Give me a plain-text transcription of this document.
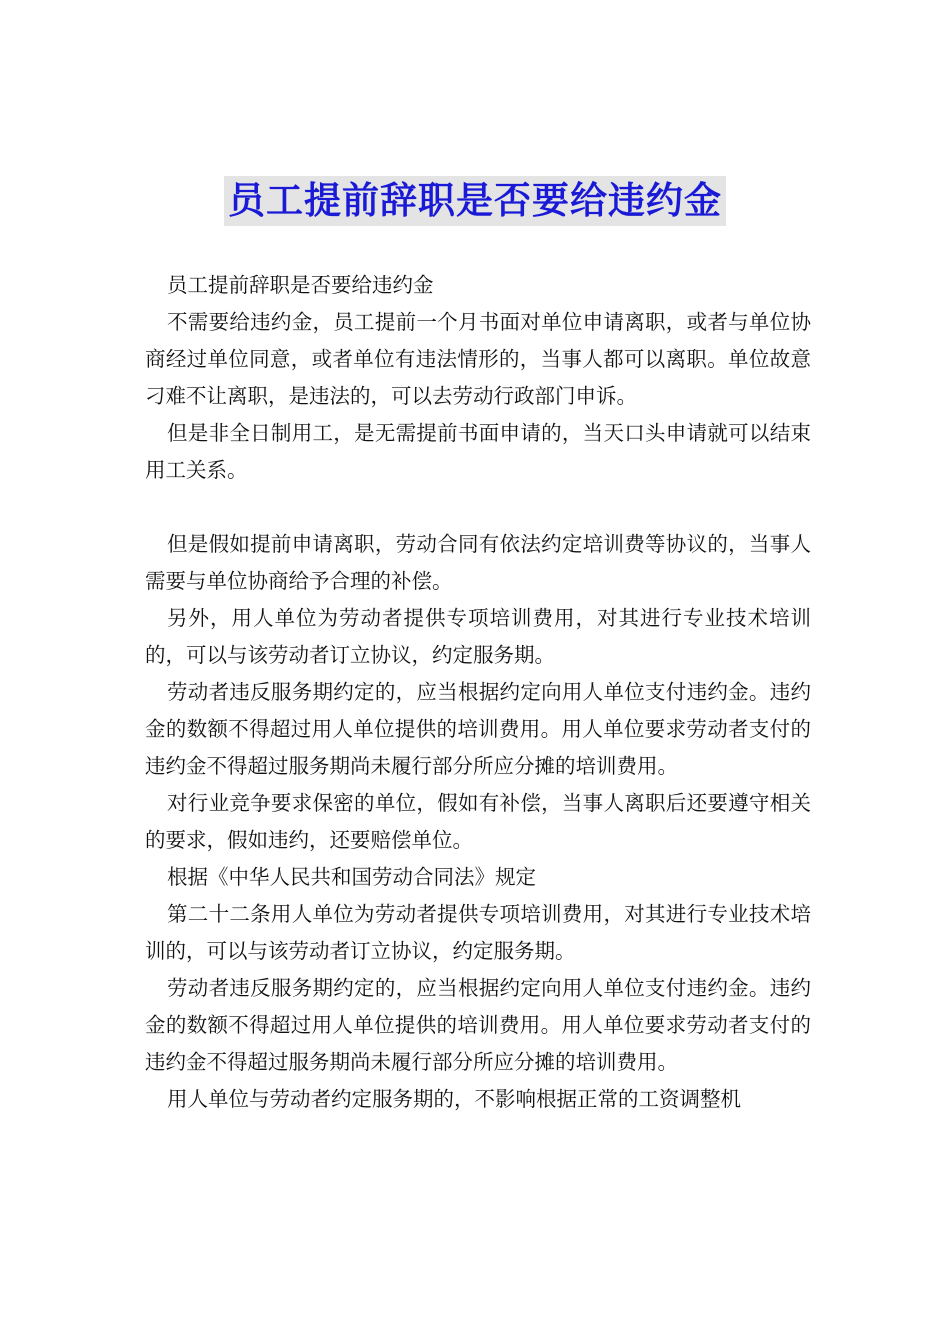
员工提前辞职是否要给违约金

员工提前辞职是否要给违约金

不需要给违约金，员工提前一个月书面对单位申请离职，或者与单位协商经过单位同意，或者单位有违法情形的，当事人都可以离职。单位故意刁难不让离职，是违法的，可以去劳动行政部门申诉。

但是非全日制用工，是无需提前书面申请的，当天口头申请就可以结束用工关系。

但是假如提前申请离职，劳动合同有依法约定培训费等协议的，当事人需要与单位协商给予合理的补偿。

另外，用人单位为劳动者提供专项培训费用，对其进行专业技术培训的，可以与该劳动者订立协议，约定服务期。

劳动者违反服务期约定的，应当根据约定向用人单位支付违约金。违约金的数额不得超过用人单位提供的培训费用。用人单位要求劳动者支付的违约金不得超过服务期尚未履行部分所应分摊的培训费用。

对行业竞争要求保密的单位，假如有补偿，当事人离职后还要遵守相关的要求，假如违约，还要赔偿单位。

根据《中华人民共和国劳动合同法》规定

第二十二条用人单位为劳动者提供专项培训费用，对其进行专业技术培训的，可以与该劳动者订立协议，约定服务期。

劳动者违反服务期约定的，应当根据约定向用人单位支付违约金。违约金的数额不得超过用人单位提供的培训费用。用人单位要求劳动者支付的违约金不得超过服务期尚未履行部分所应分摊的培训费用。

用人单位与劳动者约定服务期的，不影响根据正常的工资调整机
